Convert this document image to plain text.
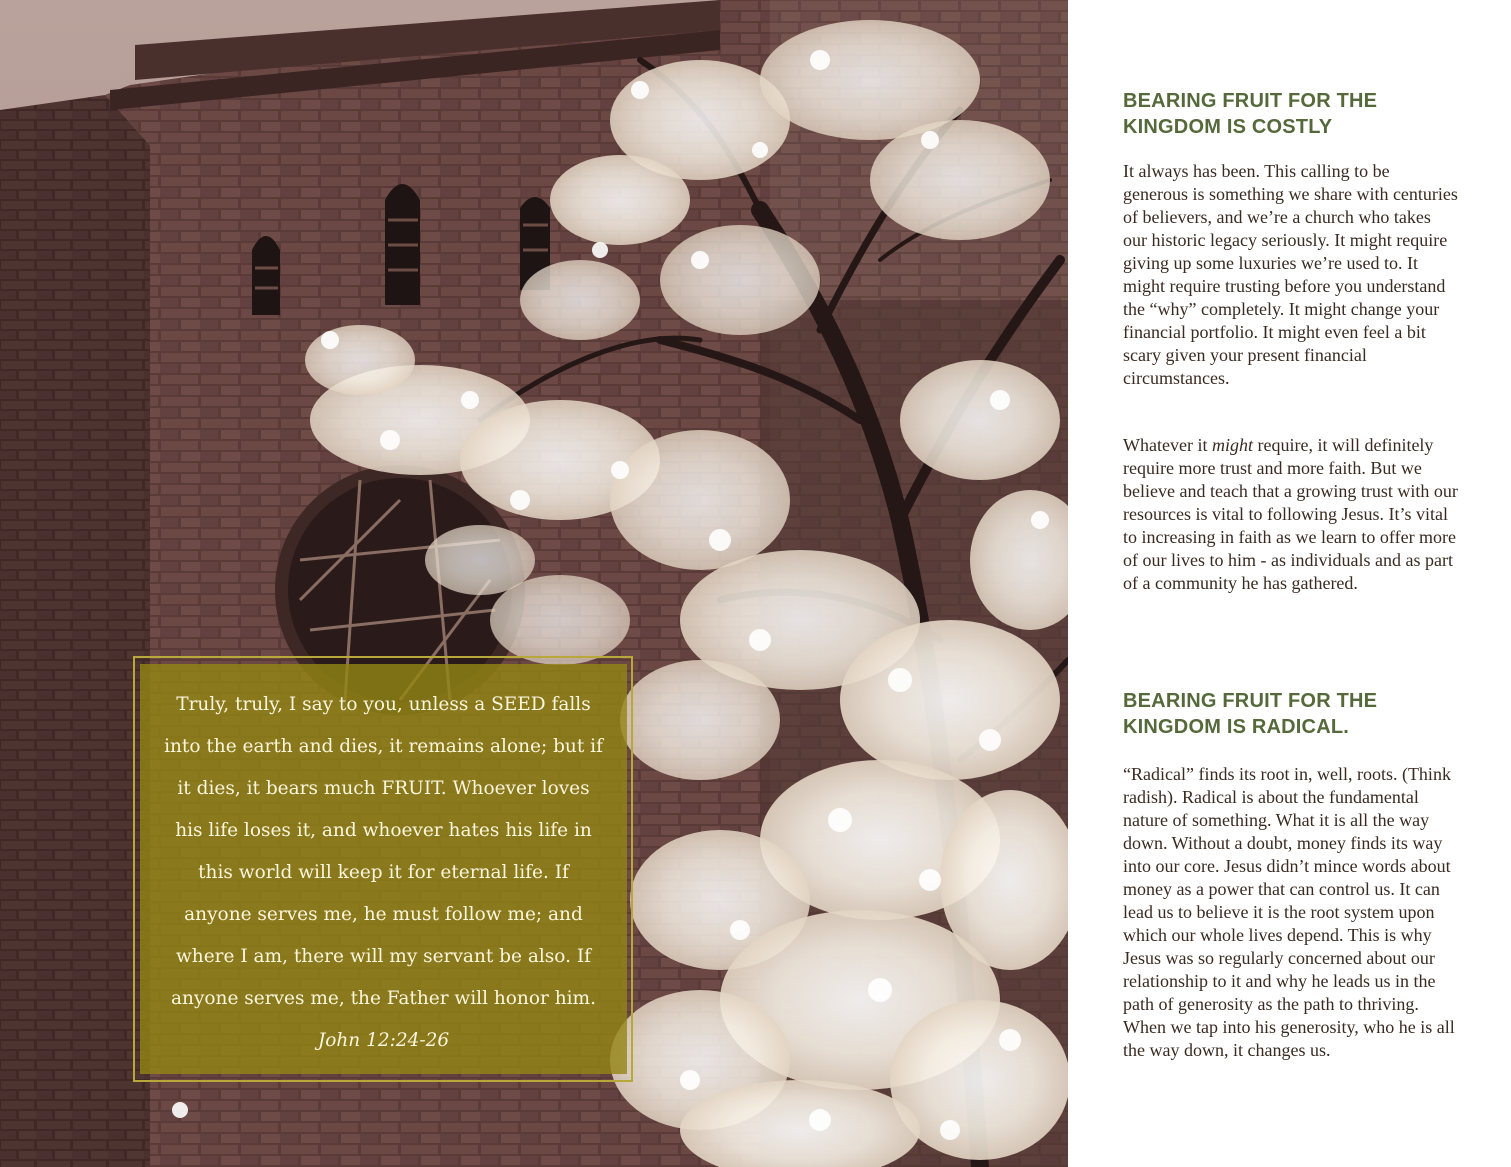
Truly, truly, I say to you, unless a SEED falls into the earth and dies, it remains alone; but if it dies, it bears much FRUIT. Whoever loves his life loses it, and whoever hates his life in this world will keep it for eternal life. If anyone serves me, he must follow me; and where I am, there will my servant be also. If anyone serves me, the Father will honor him.

John 12:24-26

BEARING FRUIT FOR THE KINGDOM IS COSTLY

It always has been. This calling to be generous is something we share with centuries of believers, and we’re a church who takes our historic legacy seriously. It might require giving up some luxuries we’re used to. It might require trusting before you understand the “why” completely. It might change your financial portfolio. It might even feel a bit scary given your present financial circumstances.

Whatever it might require, it will definitely require more trust and more faith. But we believe and teach that a growing trust with our resources is vital to following Jesus. It’s vital to increasing in faith as we learn to offer more of our lives to him - as individuals and as part of a community he has gathered.

BEARING FRUIT FOR THE KINGDOM IS RADICAL.

“Radical” finds its root in, well, roots. (Think radish). Radical is about the fundamental nature of something. What it is all the way down. Without a doubt, money finds its way into our core. Jesus didn’t mince words about money as a power that can control us. It can lead us to believe it is the root system upon which our whole lives depend. This is why Jesus was so regularly concerned about our relationship to it and why he leads us in the path of generosity as the path to thriving. When we tap into his generosity, who he is all the way down, it changes us.
